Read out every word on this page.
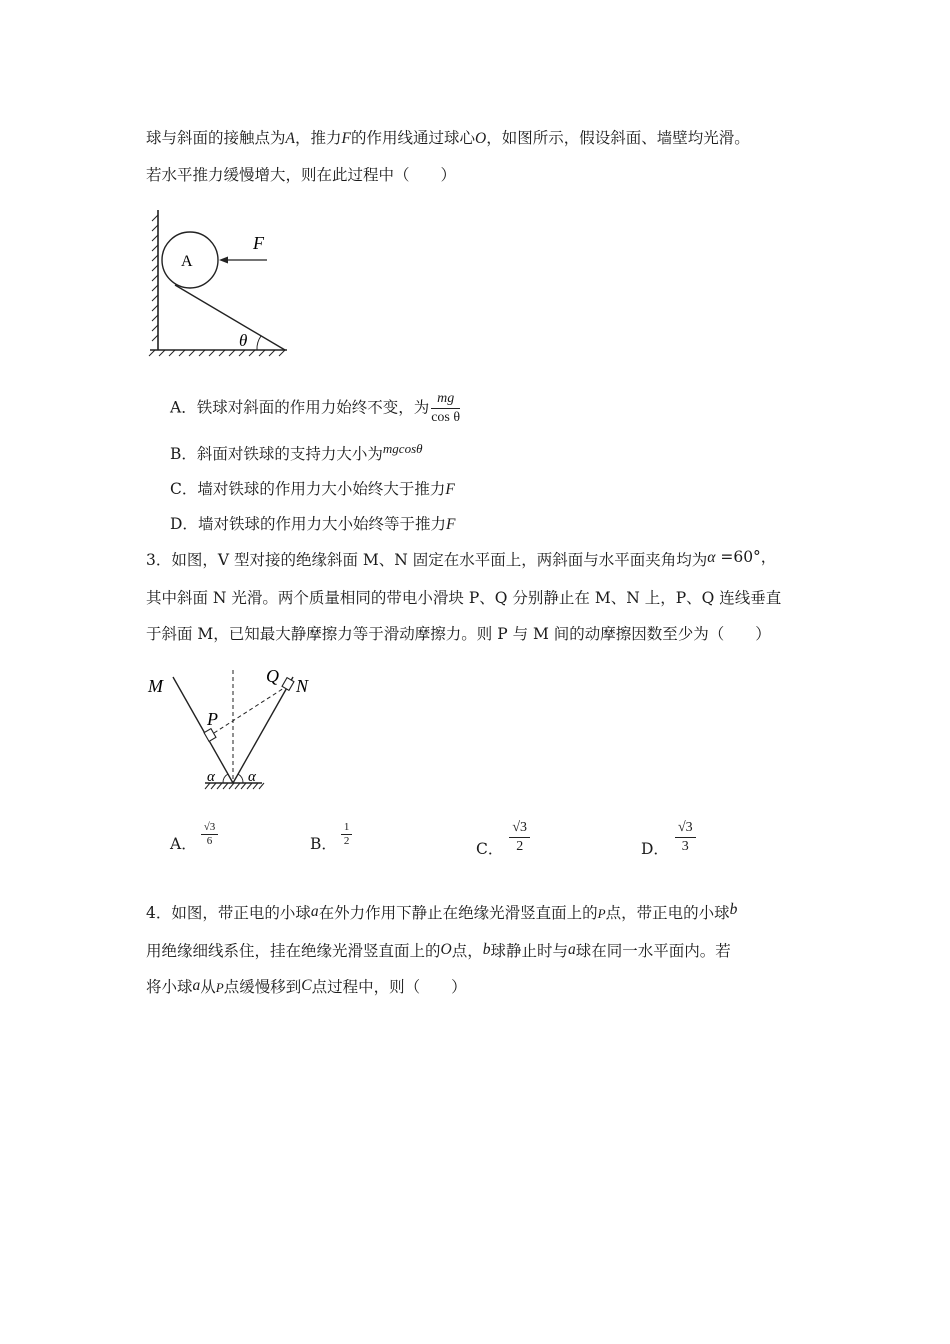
球与斜面的接触点为A，推力F的作用线通过球心O，如图所示，假设斜面、墙壁均光滑。
若水平推力缓慢增大，则在此过程中（　　）
A
F
θ
A．铁球对斜面的作用力始终不变，为 $\frac{mg}{\text{cos θ}}$
B．斜面对铁球的支持力大小为$^{mgcos\theta}$
C．墙对铁球的作用力大小始终大于推力F
D．墙对铁球的作用力大小始终等于推力F
3．如图，V 型对接的绝缘斜面 M、N 固定在水平面上，两斜面与水平面夹角均为α =60°，
其中斜面 N 光滑。两个质量相同的带电小滑块 P、Q 分别静止在 M、N 上，P、Q 连线垂直
于斜面 M，已知最大静摩擦力等于滑动摩擦力。则 P 与 M 间的动摩擦因数至少为（　　）
M	N
P
Q
α α
A． $\frac{√3}{6}$	B． $\frac{1}{2}$
C． $\frac{√3}{2}$	D． $\frac{√3}{3}$
4．如图，带正电的小球a在外力作用下静止在绝缘光滑竖直面上的P点，带正电的小球b
用绝缘细线系住，挂在绝缘光滑竖直面上的O点，b球静止时与a球在同一水平面内。若
将小球a从P点缓慢移到C点过程中，则（　　）
